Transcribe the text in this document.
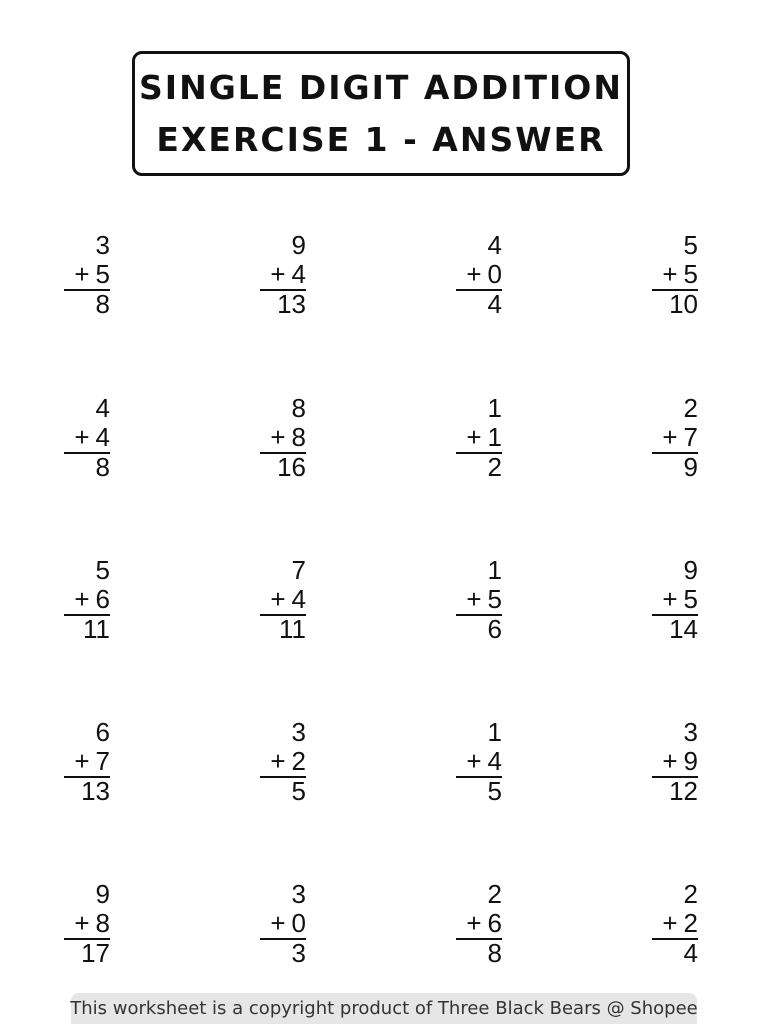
SINGLE DIGIT ADDITION
EXERCISE 1 - ANSWER
3
+ 5
8
9
+ 4
13
4
+ 0
4
5
+ 5
10
4
+ 4
8
8
+ 8
16
1
+ 1
2
2
+ 7
9
5
+ 6
11
7
+ 4
11
1
+ 5
6
9
+ 5
14
6
+ 7
13
3
+ 2
5
1
+ 4
5
3
+ 9
12
9
+ 8
17
3
+ 0
3
2
+ 6
8
2
+ 2
4
This worksheet is a copyright product of Three Black Bears @ Shopee
